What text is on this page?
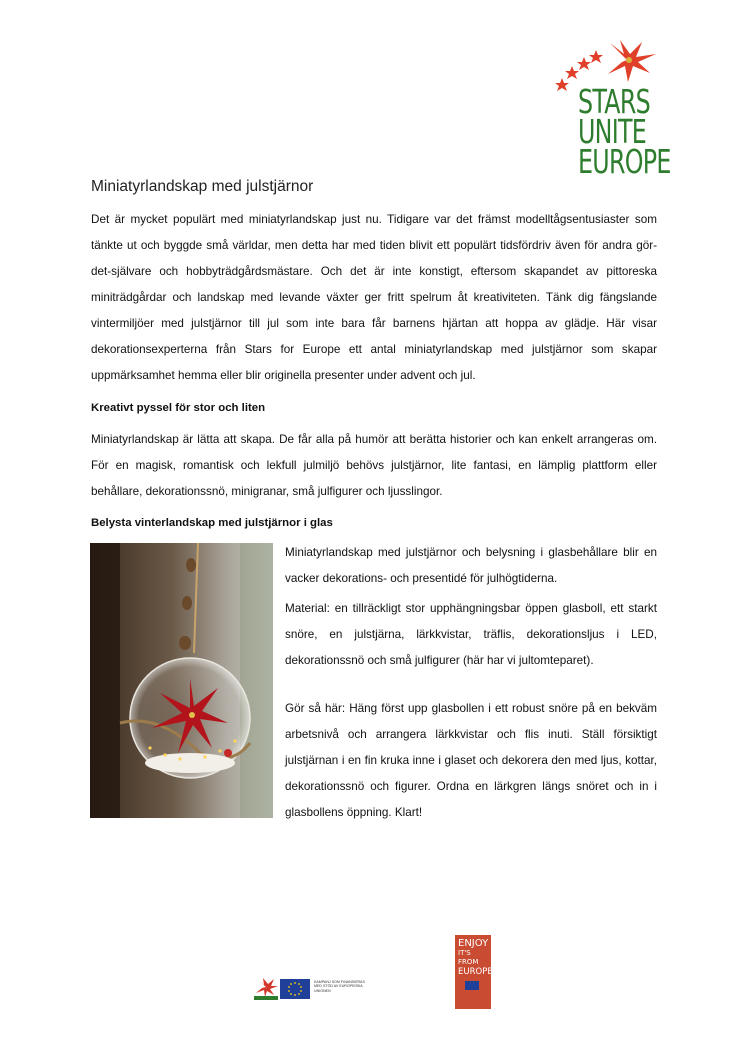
STARS
UNITE
EUROPE
Miniatyrlandskap med julstjärnor
Det är mycket populärt med miniatyrlandskap just nu. Tidigare var det främst modelltågsentusiaster som tänkte ut och byggde små världar, men detta har med tiden blivit ett populärt tidsfördriv även för andra gör-det-självare och hobbyträdgårdsmästare. Och det är inte konstigt, eftersom skapandet av pittoreska miniträdgårdar och landskap med levande växter ger fritt spelrum åt kreativiteten. Tänk dig fängslande vintermiljöer med julstjärnor till jul som inte bara får barnens hjärtan att hoppa av glädje. Här visar dekorationsexperterna från Stars for Europe ett antal miniatyrlandskap med julstjärnor som skapar uppmärksamhet hemma eller blir originella presenter under advent och jul.
Kreativt pyssel för stor och liten
Miniatyrlandskap är lätta att skapa. De får alla på humör att berätta historier och kan enkelt arrangeras om. För en magisk, romantisk och lekfull julmiljö behövs julstjärnor, lite fantasi, en lämplig plattform eller behållare, dekorationssnö, minigranar, små julfigurer och ljusslingor.
Belysta vinterlandskap med julstjärnor i glas
Miniatyrlandskap med julstjärnor och belysning i glasbehållare blir en vacker dekorations- och presentidé för julhögtiderna.
Material: en tillräckligt stor upphängningsbar öppen glasboll, ett starkt snöre, en julstjärna, lärkkvistar, träflis, dekorationsljus i LED, dekorationssnö och små julfigurer (här har vi jultomteparet).
Gör så här: Häng först upp glasbollen i ett robust snöre på en bekväm arbetsnivå och arrangera lärkkvistar och flis inuti. Ställ försiktigt julstjärnan i en fin kruka inne i glaset och dekorera den med ljus, kottar, dekorationssnö och figurer. Ordna en lärkgren längs snöret och in i glasbollens öppning. Klart!
KAMPANJ SOM FINANSIERAS MED STÖD AV EUROPEISKA UNIONEN
ENJOY
IT'S FROM
EUROPE
